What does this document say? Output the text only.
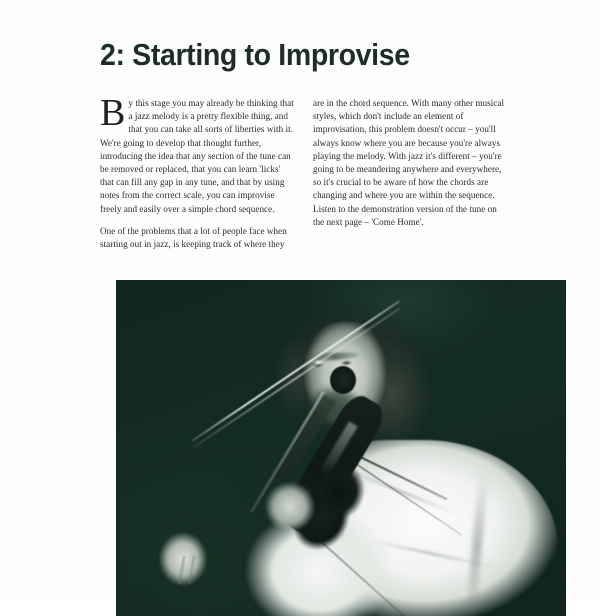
2: Starting to Improvise

By this stage you may already be thinking that a jazz melody is a pretty flexible thing, and that you can take all sorts of liberties with it. We're going to develop that thought further, introducing the idea that any section of the tune can be removed or replaced, that you can learn 'licks' that can fill any gap in any tune, and that by using notes from the correct scale, you can improvise freely and easily over a simple chord sequence.

One of the problems that a lot of people face when starting out in jazz, is keeping track of where they

are in the chord sequence. With many other musical styles, which don't include an element of improvisation, this problem doesn't occur – you'll always know where you are because you're always playing the melody. With jazz it's different – you're going to be meandering anywhere and everywhere, so it's crucial to be aware of how the chords are changing and where you are within the sequence. Listen to the demonstration version of the tune on the next page – 'Come Home'.
